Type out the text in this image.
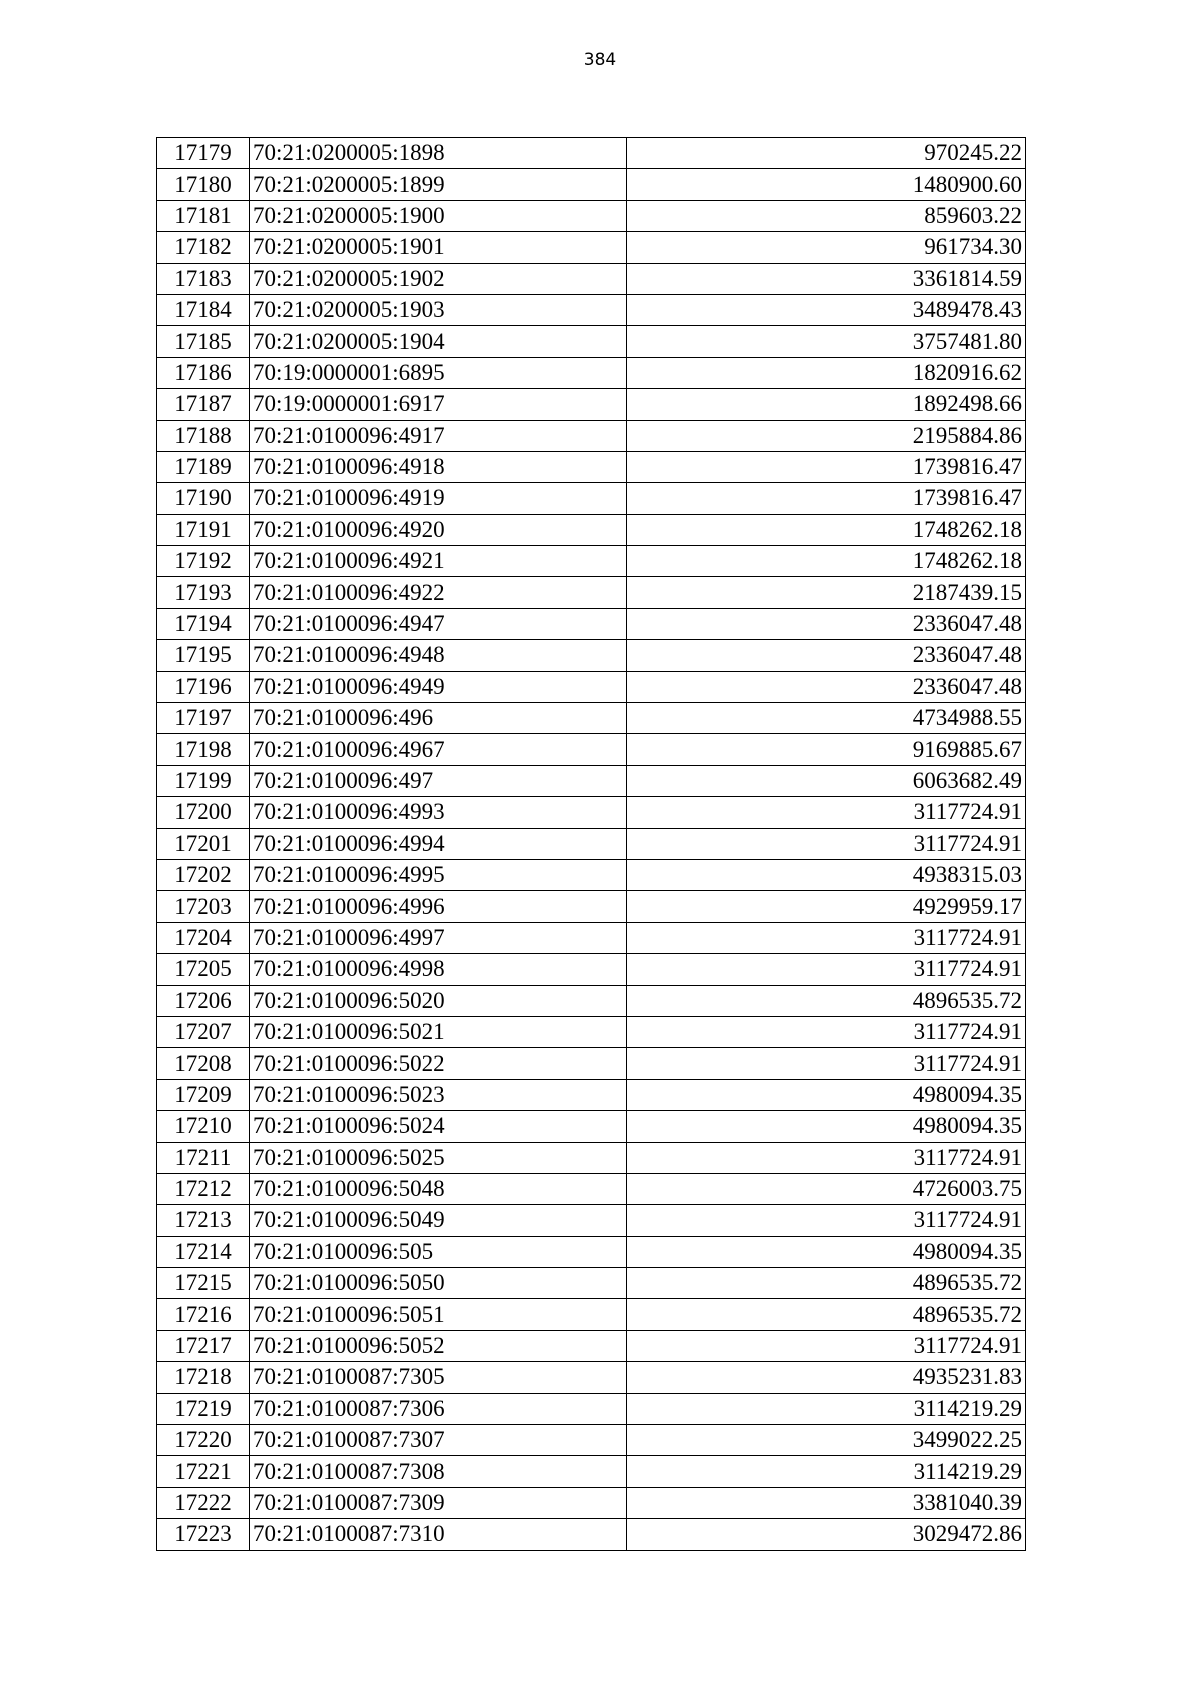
384
17179	70:21:0200005:1898	970245.22
17180	70:21:0200005:1899	1480900.60
17181	70:21:0200005:1900	859603.22
17182	70:21:0200005:1901	961734.30
17183	70:21:0200005:1902	3361814.59
17184	70:21:0200005:1903	3489478.43
17185	70:21:0200005:1904	3757481.80
17186	70:19:0000001:6895	1820916.62
17187	70:19:0000001:6917	1892498.66
17188	70:21:0100096:4917	2195884.86
17189	70:21:0100096:4918	1739816.47
17190	70:21:0100096:4919	1739816.47
17191	70:21:0100096:4920	1748262.18
17192	70:21:0100096:4921	1748262.18
17193	70:21:0100096:4922	2187439.15
17194	70:21:0100096:4947	2336047.48
17195	70:21:0100096:4948	2336047.48
17196	70:21:0100096:4949	2336047.48
17197	70:21:0100096:496	4734988.55
17198	70:21:0100096:4967	9169885.67
17199	70:21:0100096:497	6063682.49
17200	70:21:0100096:4993	3117724.91
17201	70:21:0100096:4994	3117724.91
17202	70:21:0100096:4995	4938315.03
17203	70:21:0100096:4996	4929959.17
17204	70:21:0100096:4997	3117724.91
17205	70:21:0100096:4998	3117724.91
17206	70:21:0100096:5020	4896535.72
17207	70:21:0100096:5021	3117724.91
17208	70:21:0100096:5022	3117724.91
17209	70:21:0100096:5023	4980094.35
17210	70:21:0100096:5024	4980094.35
17211	70:21:0100096:5025	3117724.91
17212	70:21:0100096:5048	4726003.75
17213	70:21:0100096:5049	3117724.91
17214	70:21:0100096:505	4980094.35
17215	70:21:0100096:5050	4896535.72
17216	70:21:0100096:5051	4896535.72
17217	70:21:0100096:5052	3117724.91
17218	70:21:0100087:7305	4935231.83
17219	70:21:0100087:7306	3114219.29
17220	70:21:0100087:7307	3499022.25
17221	70:21:0100087:7308	3114219.29
17222	70:21:0100087:7309	3381040.39
17223	70:21:0100087:7310	3029472.86
